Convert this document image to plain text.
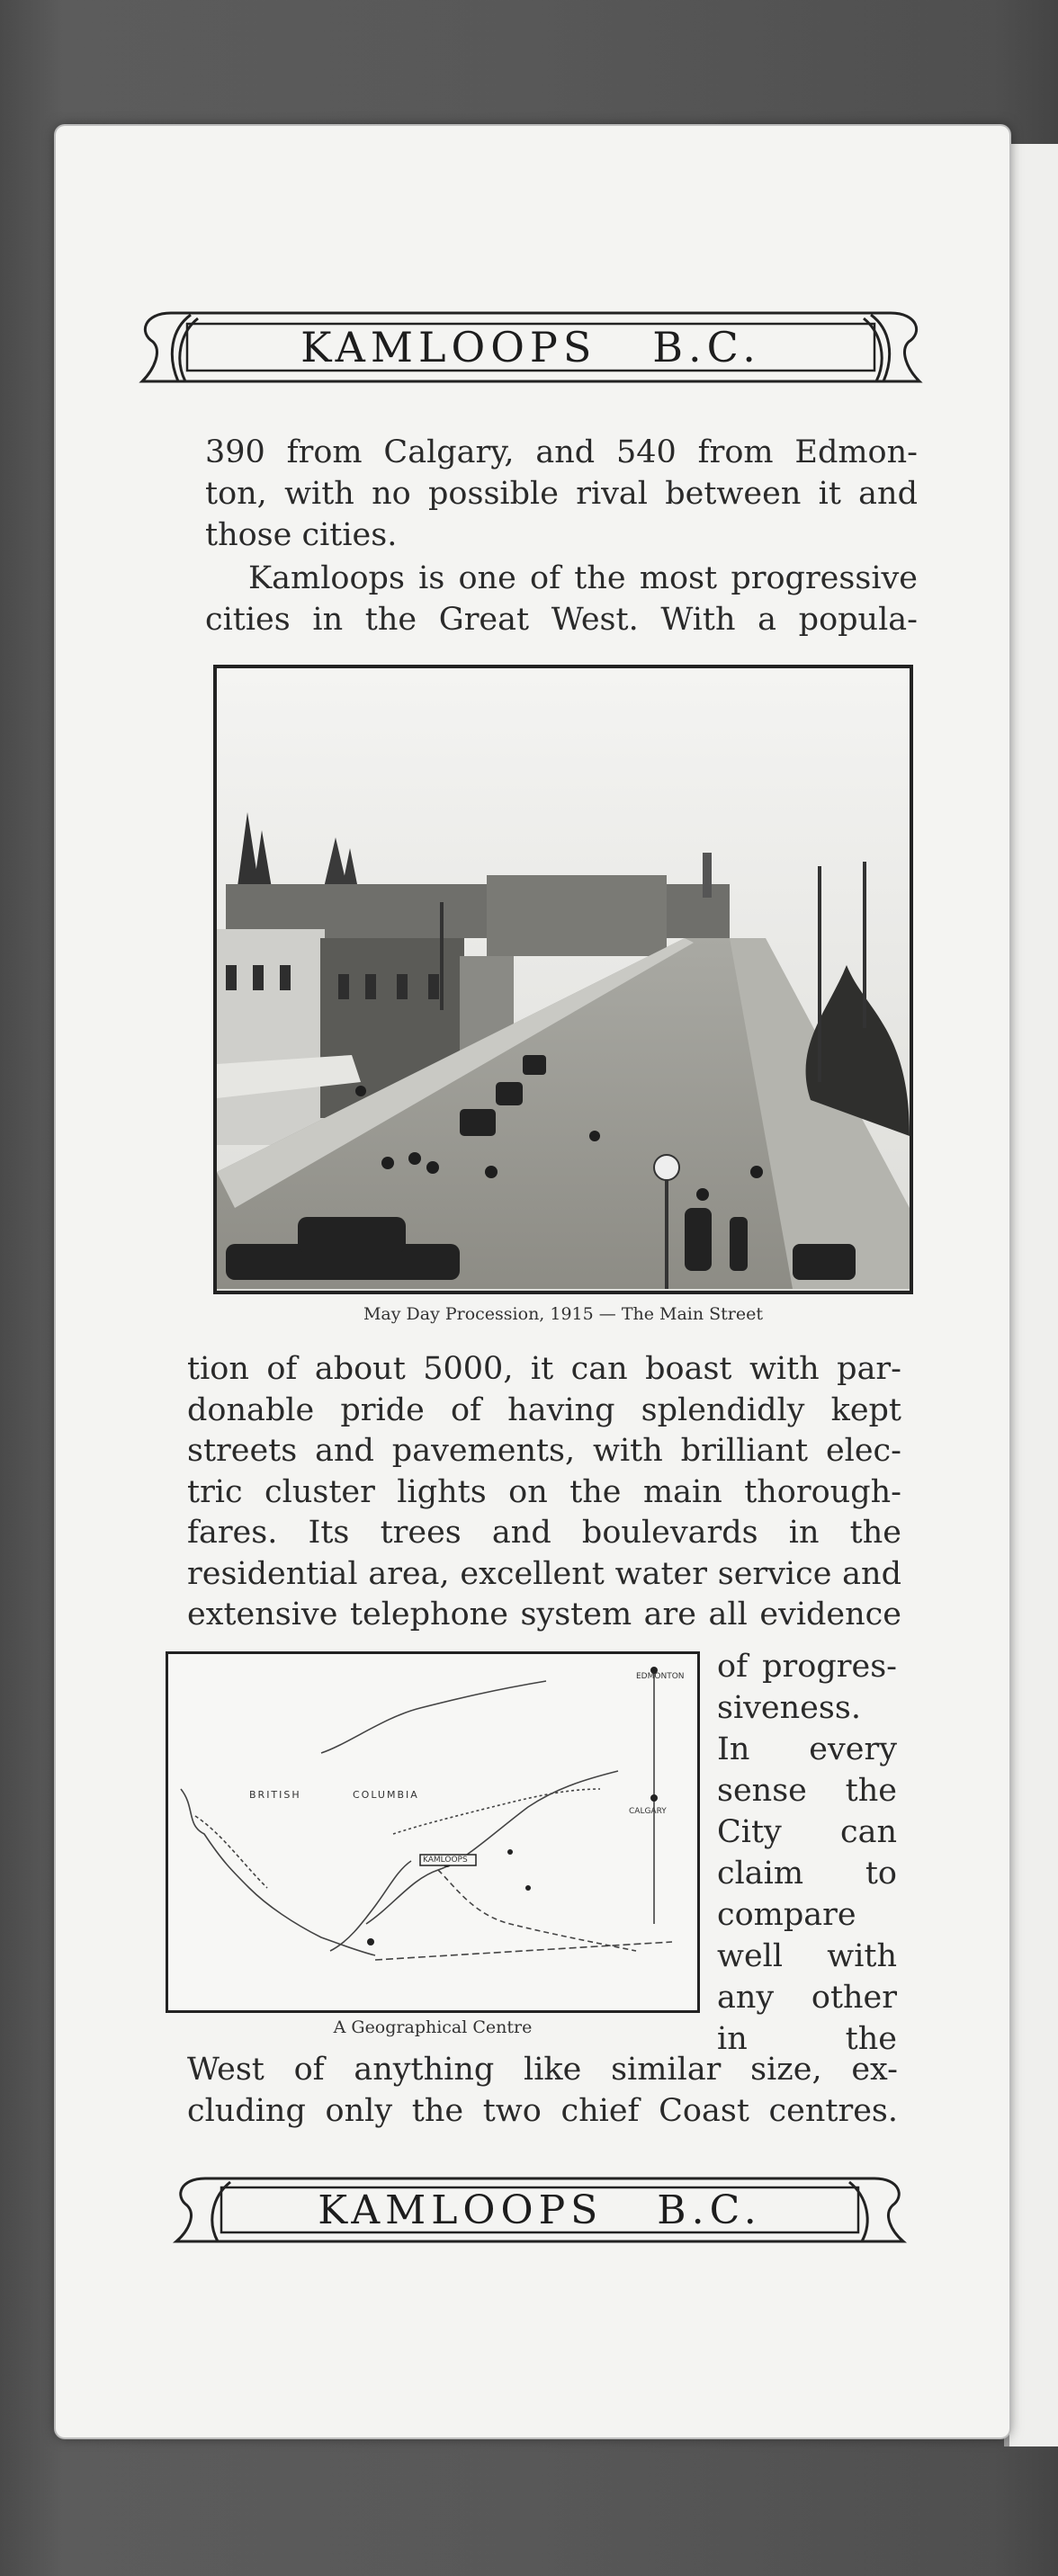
KAMLOOPS   B.C.
390 from Calgary, and 540 from Edmon-
ton, with no possible rival between it and
those cities.
Kamloops is one of the most progressive
cities in the Great West. With a popula-
May Day Procession, 1915 — The Main Street
tion of about 5000, it can boast with par-
donable pride of having splendidly kept
streets and pavements, with brilliant elec-
tric cluster lights on the main thorough-
fares. Its trees and boulevards in the
residential area, excellent water service and
extensive telephone system are all evidence
BRITISH	COLUMBIA
KAMLOOPS
EDMONTON
CALGARY
A Geographical Centre
of progres-
siveness.
In every
sense the
City can
claim to
compare
well with
any other
in the
West of anything like similar size, ex-
cluding only the two chief Coast centres.
KAMLOOPS   B.C.
